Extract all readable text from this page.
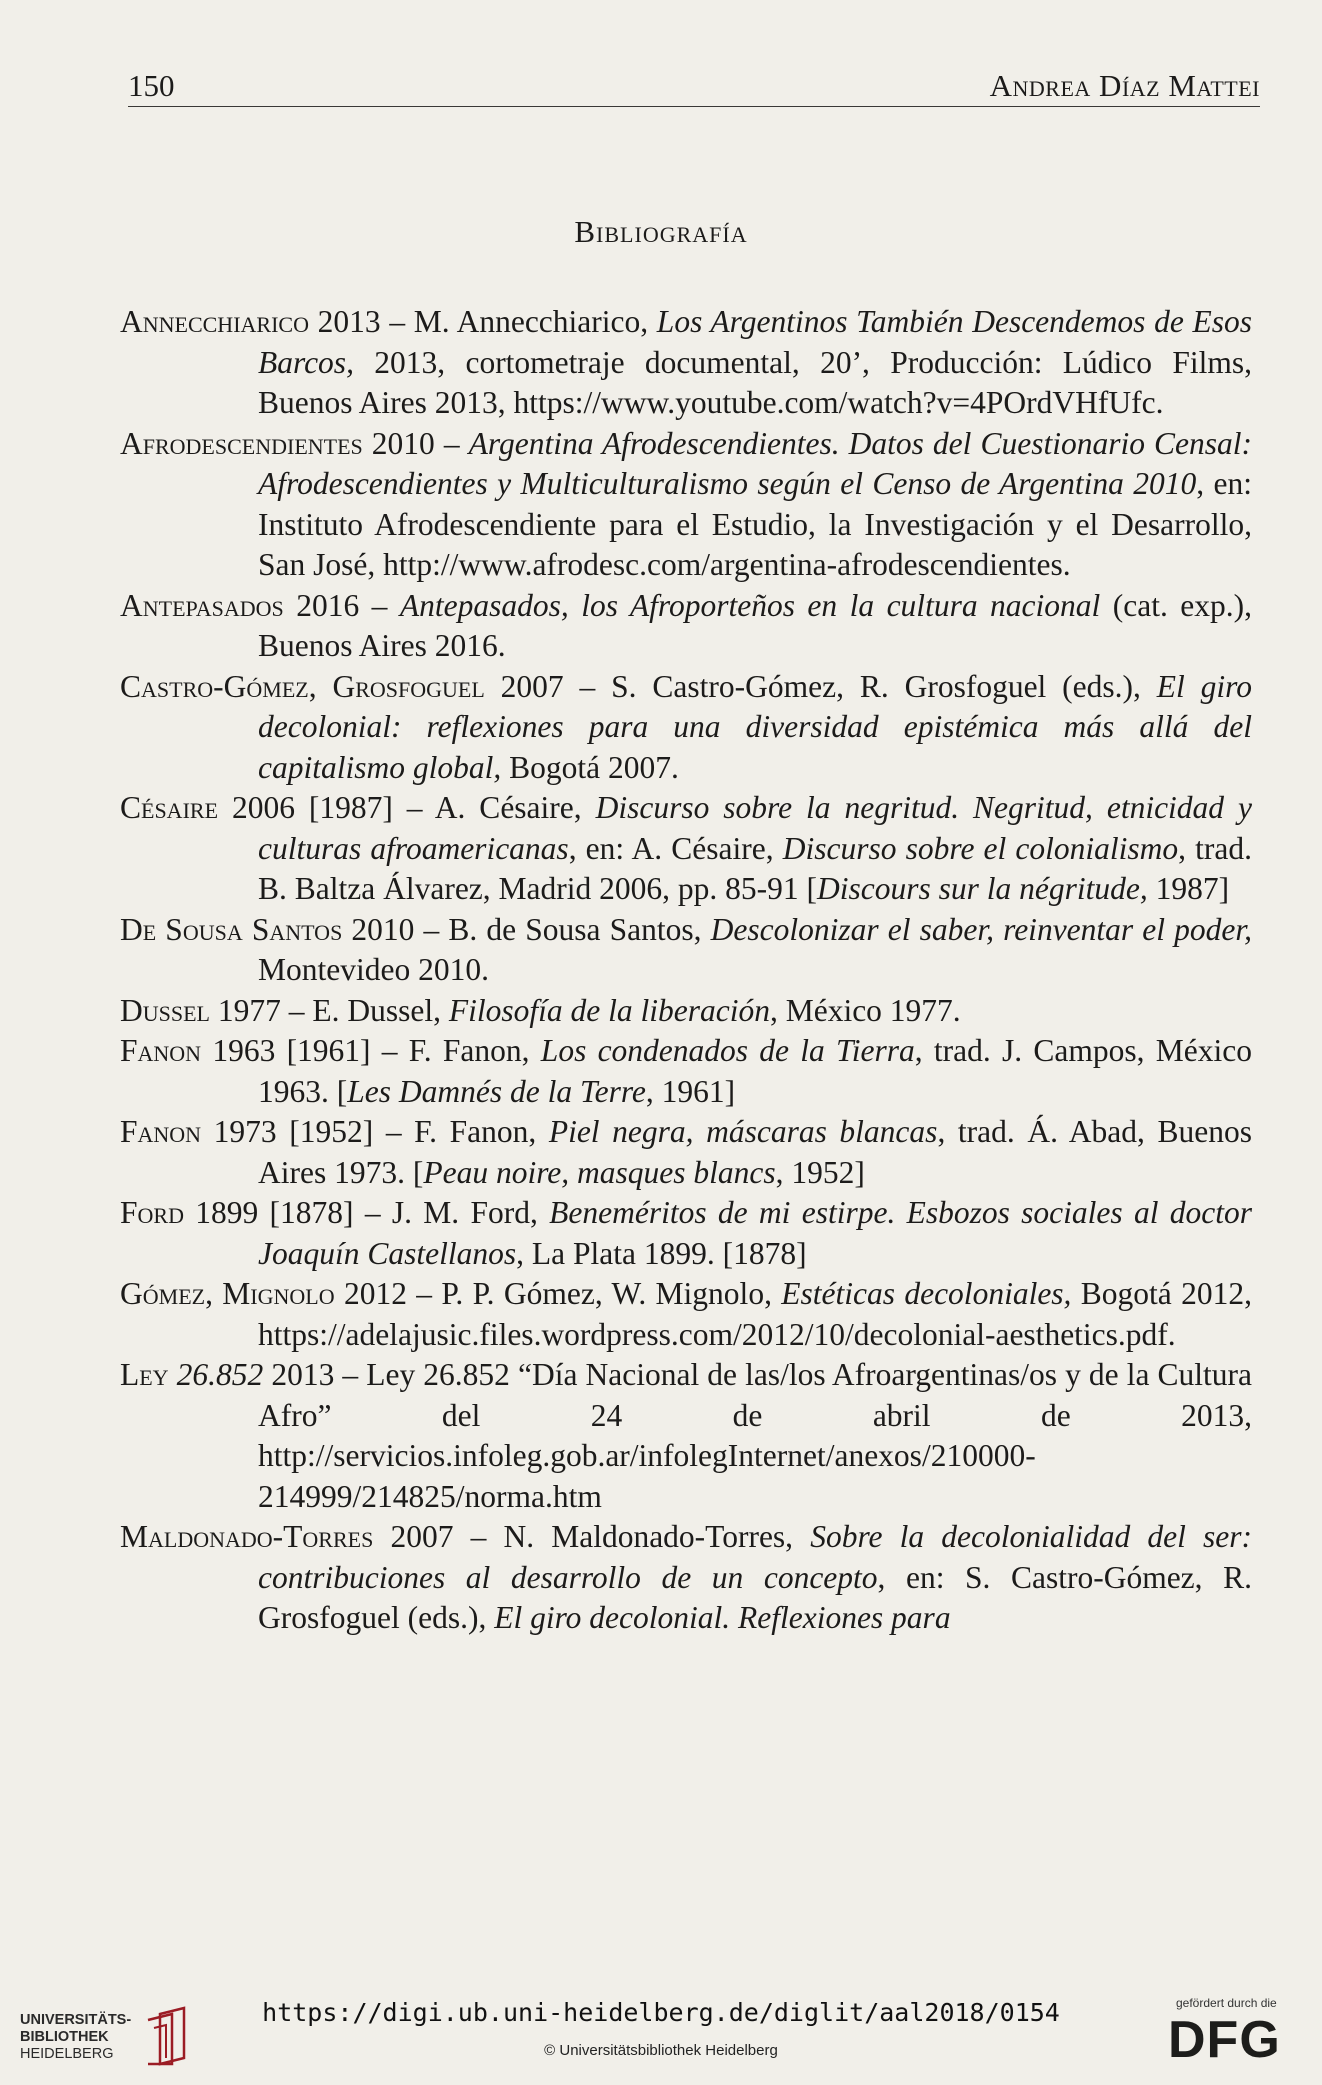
150	Andrea Díaz Mattei
Bibliografía

Annecchiarico 2013 – M. Annecchiarico, Los Argentinos También Descendemos de Esos Barcos, 2013, cortometraje documental, 20’, Producción: Lúdico Films, Buenos Aires 2013, https://www.youtube.com/watch?v=4POrdVHfUfc.

Afrodescendientes 2010 – Argentina Afrodescendientes. Datos del Cuestionario Censal: Afrodescendientes y Multiculturalismo según el Censo de Argentina 2010, en: Instituto Afrodescendiente para el Estudio, la Investigación y el Desarrollo, San José, http://www.afrodesc.com/argentina-afrodescendientes.

Antepasados 2016 – Antepasados, los Afroporteños en la cultura nacional (cat. exp.), Buenos Aires 2016.

Castro-Gómez, Grosfoguel 2007 – S. Castro-Gómez, R. Grosfoguel (eds.), El giro decolonial: reflexiones para una diversidad epistémica más allá del capitalismo global, Bogotá 2007.

Césaire 2006 [1987] – A. Césaire, Discurso sobre la negritud. Negritud, etnicidad y culturas afroamericanas, en: A. Césaire, Discurso sobre el colonialismo, trad. B. Baltza Álvarez, Madrid 2006, pp. 85-91 [Discours sur la négritude, 1987]

De Sousa Santos 2010 – B. de Sousa Santos, Descolonizar el saber, reinventar el poder, Montevideo 2010.

Dussel 1977 – E. Dussel, Filosofía de la liberación, México 1977.

Fanon 1963 [1961] – F. Fanon, Los condenados de la Tierra, trad. J. Campos, México 1963. [Les Damnés de la Terre, 1961]

Fanon 1973 [1952] – F. Fanon, Piel negra, máscaras blancas, trad. Á. Abad, Buenos Aires 1973. [Peau noire, masques blancs, 1952]

Ford 1899 [1878] – J. M. Ford, Beneméritos de mi estirpe. Esbozos sociales al doctor Joaquín Castellanos, La Plata 1899. [1878]

Gómez, Mignolo 2012 – P. P. Gómez, W. Mignolo, Estéticas decoloniales, Bogotá 2012, https://adelajusic.files.wordpress.com/2012/10/decolonial-aesthetics.pdf.

Ley 26.852 2013 – Ley 26.852 “Día Nacional de las/los Afroargentinas/os y de la Cultura Afro” del 24 de abril de 2013, http://servicios.infoleg.gob.ar/infolegInternet/anexos/210000-214999/214825/norma.htm

Maldonado-Torres 2007 – N. Maldonado-Torres, Sobre la decolonialidad del ser: contribuciones al desarrollo de un concepto, en: S. Castro-Gómez, R. Grosfoguel (eds.), El giro decolonial. Reflexiones para

UNIVERSITÄTS-
BIBLIOTHEK
HEIDELBERG
https://digi.ub.uni-heidelberg.de/diglit/aal2018/0154
© Universitätsbibliothek Heidelberg
gefördert durch die
DFG
